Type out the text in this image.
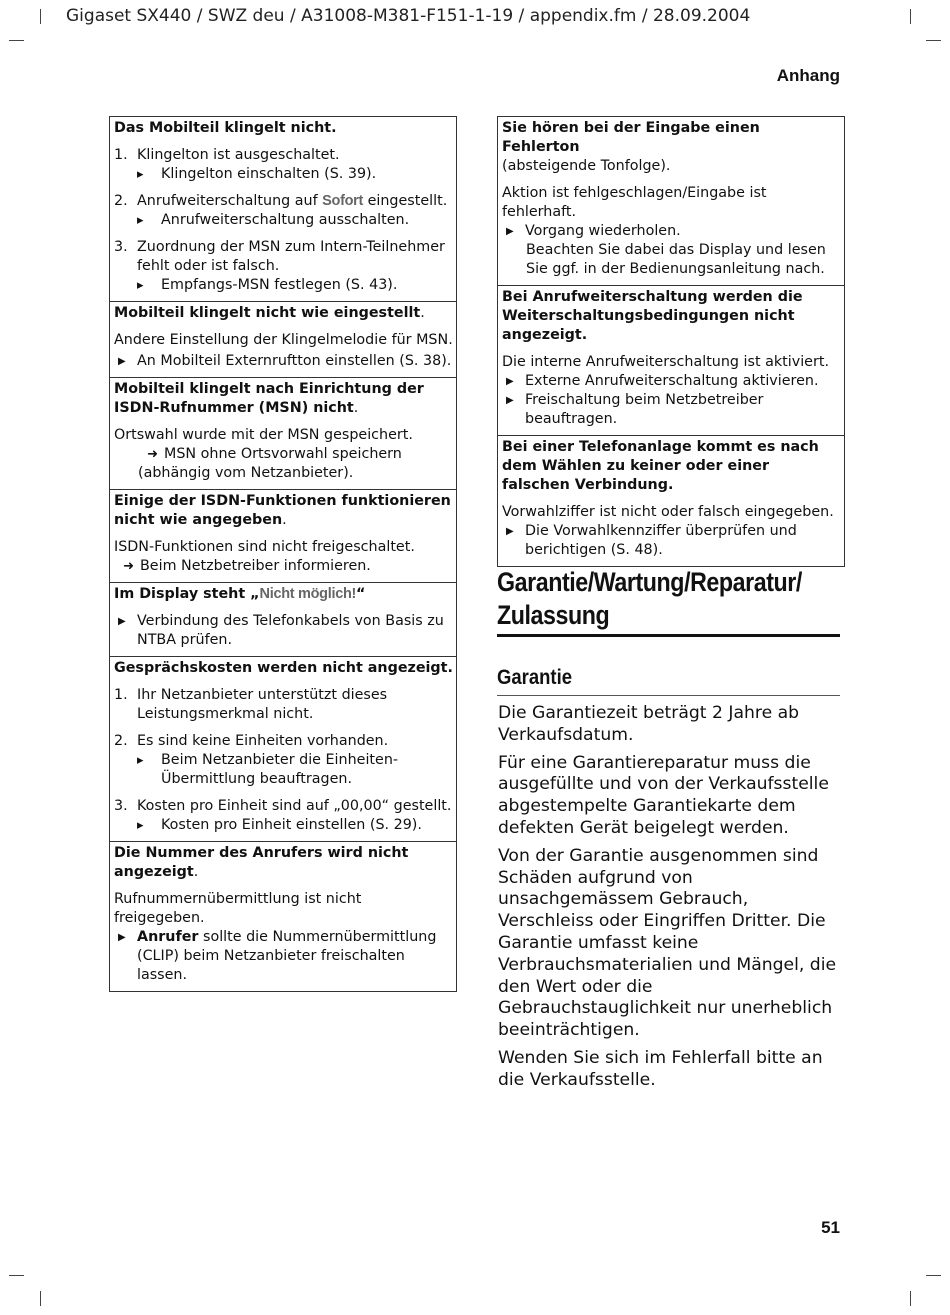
Gigaset SX440 / SWZ deu / A31008-M381-F151-1-19 / appendix.fm / 28.09.2004
Anhang
Das Mobilteil klingelt nicht.
1. Klingelton ist ausgeschaltet.
▸	Klingelton einschalten (S. 39).
2. Anrufweiterschaltung auf Sofort eingestellt.
▸	Anrufweiterschaltung ausschalten.
3. Zuordnung der MSN zum Intern-Teilnehmer fehlt oder ist falsch.
▸	Empfangs-MSN festlegen (S. 43).
Mobilteil klingelt nicht wie eingestellt.
Andere Einstellung der Klingelmelodie für MSN.
▶ An Mobilteil Externruftton einstellen (S. 38).
Mobilteil klingelt nach Einrichtung der ISDN-Rufnummer (MSN) nicht.
Ortswahl wurde mit der MSN gespeichert.
➜ MSN ohne Ortsvorwahl speichern
(abhängig vom Netzanbieter).
Einige der ISDN-Funktionen funktionieren nicht wie angegeben.
ISDN-Funktionen sind nicht freigeschaltet.
➜ Beim Netzbetreiber informieren.
Im Display steht „Nicht möglich!“
▶ Verbindung des Telefonkabels von Basis zu NTBA prüfen.
Gesprächskosten werden nicht angezeigt.
1. Ihr Netzanbieter unterstützt dieses Leistungsmerkmal nicht.
2. Es sind keine Einheiten vorhanden.
▸	Beim Netzanbieter die Einheiten-Übermittlung beauftragen.
3. Kosten pro Einheit sind auf „00,00“ gestellt.
▸	Kosten pro Einheit einstellen (S. 29).
Die Nummer des Anrufers wird nicht angezeigt.
Rufnummernübermittlung ist nicht freigegeben.
▶ Anrufer sollte die Nummernübermittlung (CLIP) beim Netzanbieter freischalten lassen.
Sie hören bei der Eingabe einen Fehlerton
(absteigende Tonfolge).
Aktion ist fehlgeschlagen/Eingabe ist fehlerhaft.
▶ Vorgang wiederholen.
Beachten Sie dabei das Display und lesen Sie ggf. in der Bedienungsanleitung nach.
Bei Anrufweiterschaltung werden die Weiterschaltungsbedingungen nicht angezeigt.
Die interne Anrufweiterschaltung ist aktiviert.
▶ Externe Anrufweiterschaltung aktivieren.
▶ Freischaltung beim Netzbetreiber beauftragen.
Bei einer Telefonanlage kommt es nach dem Wählen zu keiner oder einer falschen Verbindung.
Vorwahlziffer ist nicht oder falsch eingegeben.
▶ Die Vorwahlkennziffer überprüfen und berichtigen (S. 48).
Garantie/Wartung/Reparatur/
Zulassung
Garantie

Die Garantiezeit beträgt 2 Jahre ab Verkaufsdatum.

Für eine Garantiereparatur muss die ausgefüllte und von der Verkaufsstelle abgestempelte Garantiekarte dem defekten Gerät beigelegt werden.

Von der Garantie ausgenommen sind Schäden aufgrund von unsachgemässem Gebrauch, Verschleiss oder Eingriffen Dritter. Die Garantie umfasst keine Verbrauchsmaterialien und Mängel, die den Wert oder die Gebrauchstauglichkeit nur unerheblich beeinträchtigen.

Wenden Sie sich im Fehlerfall bitte an die Verkaufsstelle.

51
